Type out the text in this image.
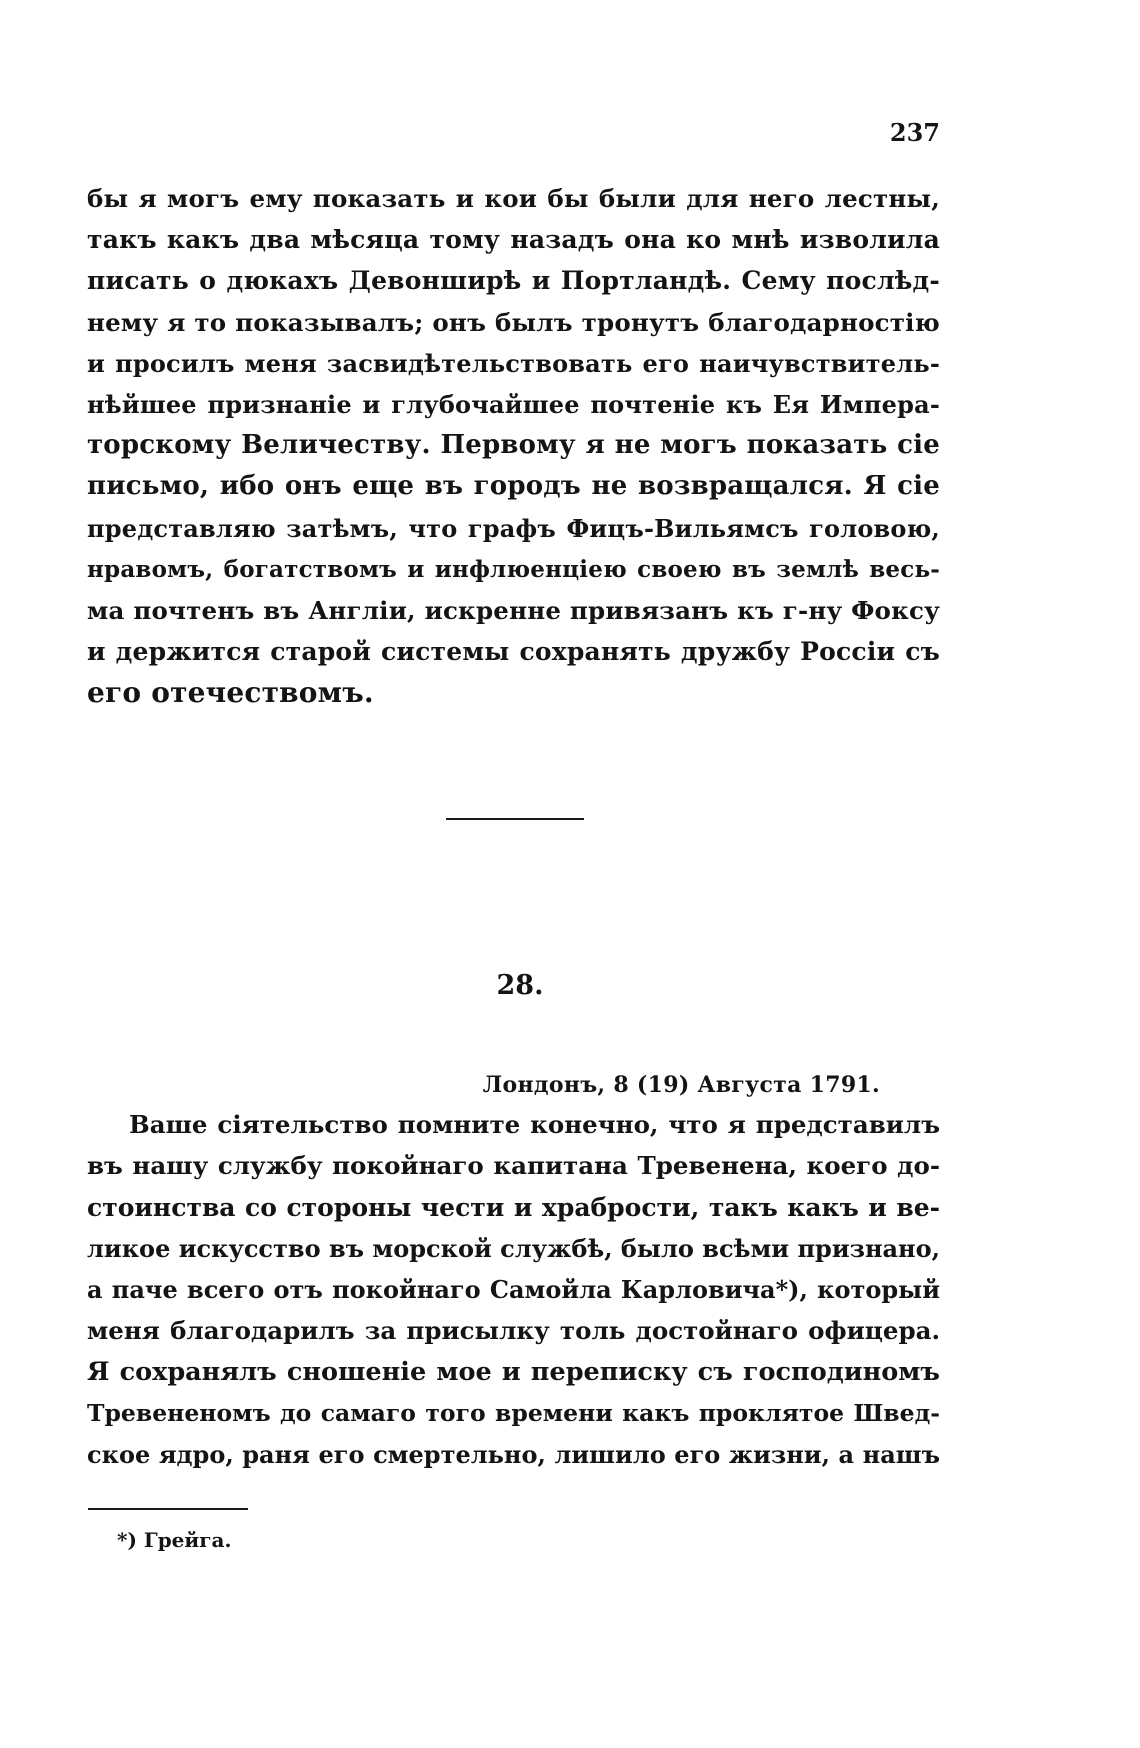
237
бы я могъ ему показать и кои бы были для него лестны,
такъ какъ два мѣсяца тому назадъ она ко мнѣ изволила
писать о дюкахъ Девонширѣ и Портландѣ. Сему послѣд-
нему я то показывалъ; онъ былъ тронутъ благодарностію
и просилъ меня засвидѣтельствовать его наичувствитель-
нѣйшее признаніе и глубочайшее почтеніе къ Ея Импера-
торскому Величеству. Первому я не могъ показать сіе
письмо, ибо онъ еще въ городъ не возвращался. Я сіе
представляю затѣмъ, что графъ Фицъ-Вильямсъ головою,
нравомъ, богатствомъ и инфлюенціею своею въ землѣ весь-
ма почтенъ въ Англіи, искренне привязанъ къ г-ну Фоксу
и держится старой системы сохранять дружбу Россіи съ
его отечествомъ.
28.
Лондонъ, 8 (19) Августа 1791.
Ваше сіятельство помните конечно, что я представилъ
въ нашу службу покойнаго капитана Тревенена, коего до-
стоинства со стороны чести и храбрости, такъ какъ и ве-
ликое искусство въ морской службѣ, было всѣми признано,
а паче всего отъ покойнаго Самойла Карловича*), который
меня благодарилъ за присылку толь достойнаго офицера.
Я сохранялъ сношеніе мое и переписку съ господиномъ
Тревененомъ до самаго того времени какъ проклятое Швед-
ское ядро, раня его смертельно, лишило его жизни, а нашъ
*) Грейга.
